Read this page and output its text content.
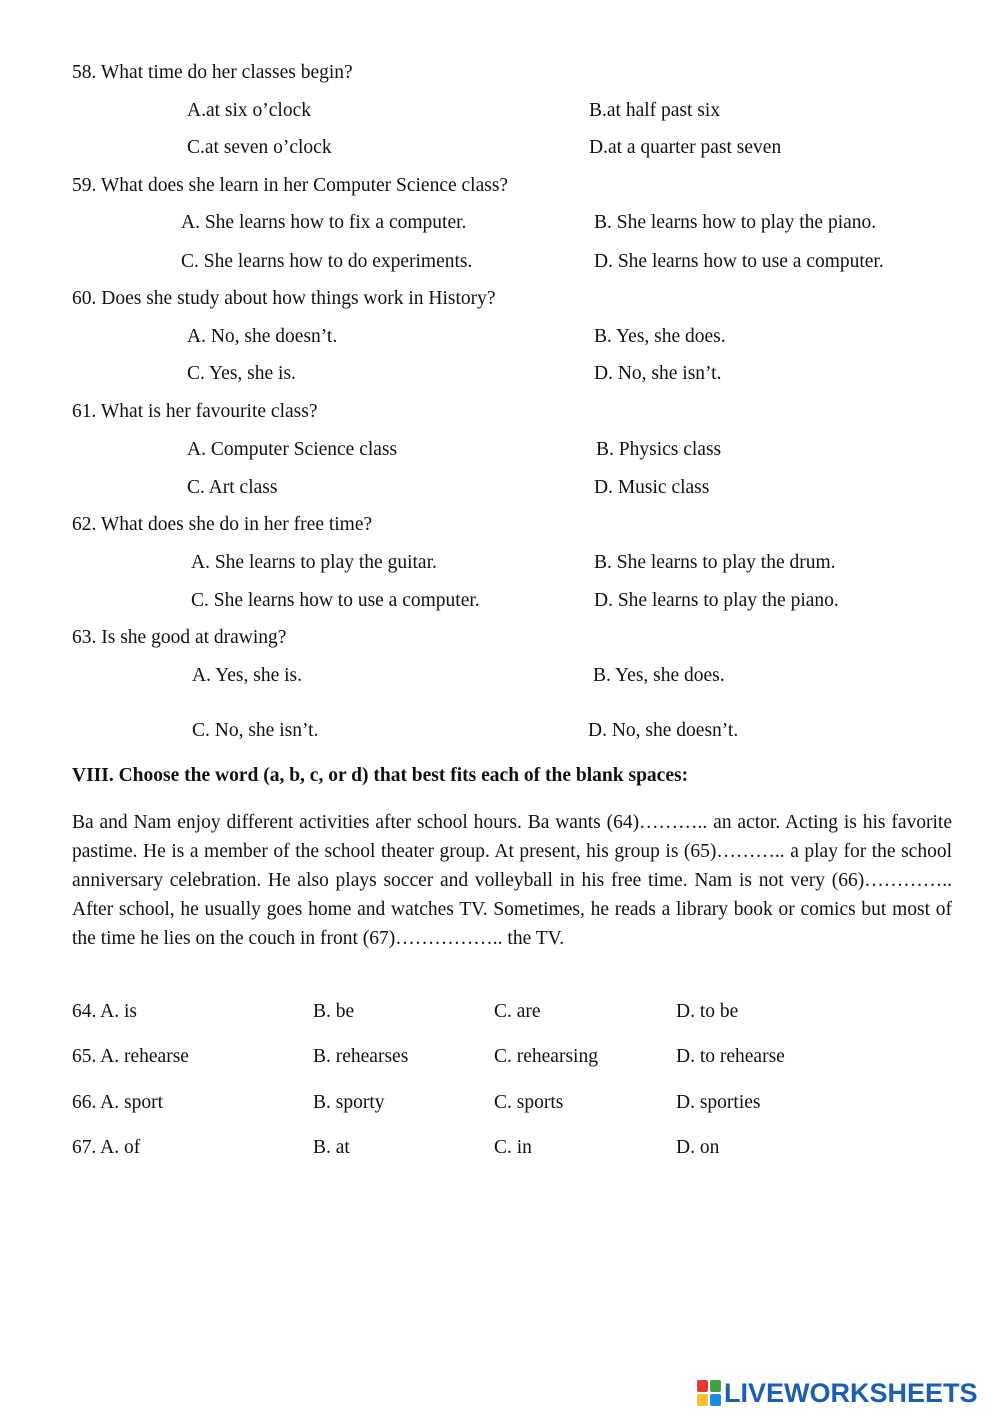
58. What time do her classes begin?
A.at six o’clock	B.at half past six
C.at seven o’clock	D.at a quarter past seven
59. What does she learn in her Computer Science class?
A. She learns how to fix a computer.	B. She learns how to play the piano.
C. She learns how to do experiments.	D. She learns how to use a computer.
60. Does she study about how things work in History?
A. No, she doesn’t.	B. Yes, she does.
C. Yes, she is.	D. No, she isn’t.
61. What is her favourite class?
A. Computer Science class	B. Physics class
C. Art class	D. Music class
62. What does she do in her free time?
A. She learns to play the guitar.	B. She learns to play the drum.
C. She learns how to use a computer.	D. She learns to play the piano.
63. Is she good at drawing?
A. Yes, she is.	B. Yes, she does.
C. No, she isn’t.	D. No, she doesn’t.
VIII. Choose the word (a, b, c, or d) that best fits each of the blank spaces:
Ba and Nam enjoy different activities after school hours. Ba wants (64)……….. an actor. Acting is his favorite pastime. He is a member of the school theater group. At present, his group is (65)……….. a play for the school anniversary celebration. He also plays soccer and volleyball in his free time. Nam is not very (66)………….. After school, he usually goes home and watches TV. Sometimes, he reads a library book or comics but most of the time he lies on the couch in front (67)…………….. the TV.
64. A. is	B. be	C. are	D. to be
65. A. rehearse	B. rehearses	C. rehearsing	D. to rehearse
66. A. sport	B. sporty	C. sports	D. sporties
67. A. of	B. at	C. in	D. on
LIVEWORKSHEETS
